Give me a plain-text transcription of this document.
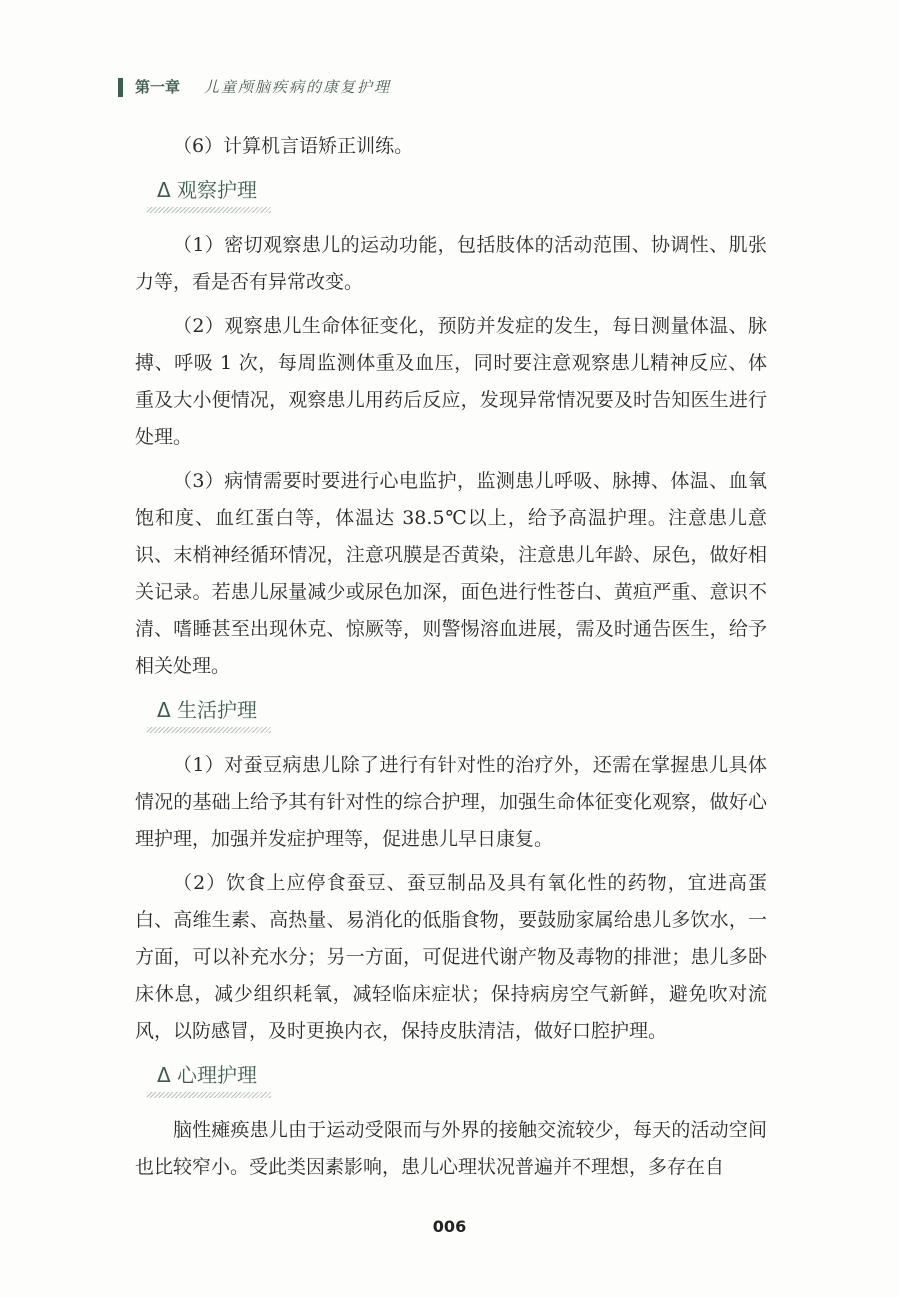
第一章 儿童颅脑疾病的康复护理

（6）计算机言语矫正训练。

Δ 观察护理

（1）密切观察患儿的运动功能，包括肢体的活动范围、协调性、肌张力等，看是否有异常改变。

（2）观察患儿生命体征变化，预防并发症的发生，每日测量体温、脉搏、呼吸 1 次，每周监测体重及血压，同时要注意观察患儿精神反应、体重及大小便情况，观察患儿用药后反应，发现异常情况要及时告知医生进行处理。

（3）病情需要时要进行心电监护，监测患儿呼吸、脉搏、体温、血氧饱和度、血红蛋白等，体温达 38.5℃以上，给予高温护理。注意患儿意识、末梢神经循环情况，注意巩膜是否黄染，注意患儿年龄、尿色，做好相关记录。若患儿尿量减少或尿色加深，面色进行性苍白、黄疸严重、意识不清、嗜睡甚至出现休克、惊厥等，则警惕溶血进展，需及时通告医生，给予相关处理。

Δ 生活护理

（1）对蚕豆病患儿除了进行有针对性的治疗外，还需在掌握患儿具体情况的基础上给予其有针对性的综合护理，加强生命体征变化观察，做好心理护理，加强并发症护理等，促进患儿早日康复。

（2）饮食上应停食蚕豆、蚕豆制品及具有氧化性的药物，宜进高蛋白、高维生素、高热量、易消化的低脂食物，要鼓励家属给患儿多饮水，一方面，可以补充水分；另一方面，可促进代谢产物及毒物的排泄；患儿多卧床休息，减少组织耗氧，减轻临床症状；保持病房空气新鲜，避免吹对流风，以防感冒，及时更换内衣，保持皮肤清洁，做好口腔护理。

Δ 心理护理

脑性瘫痪患儿由于运动受限而与外界的接触交流较少，每天的活动空间也比较窄小。受此类因素影响，患儿心理状况普遍并不理想，多存在自

006
